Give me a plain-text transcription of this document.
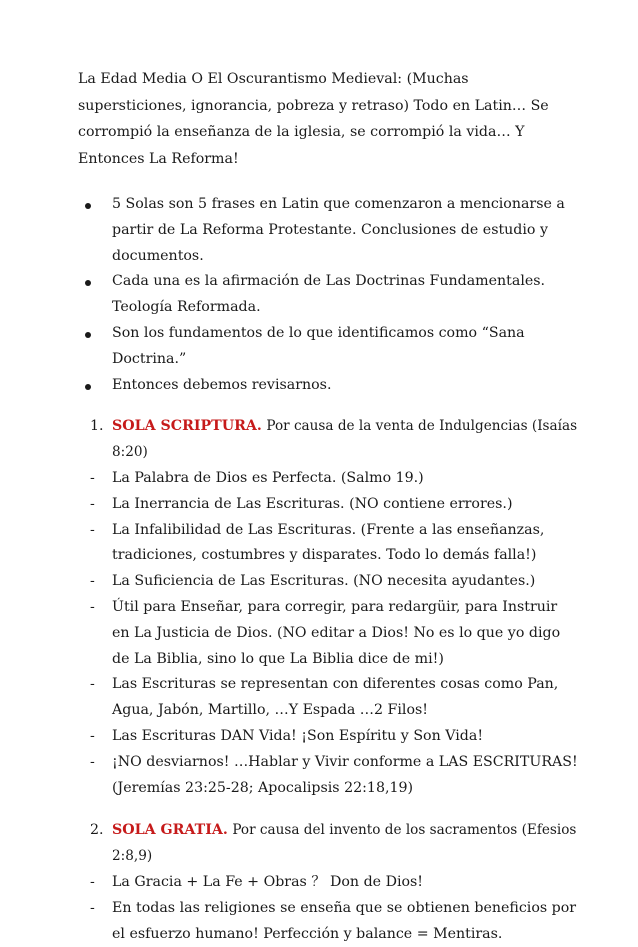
La Edad Media O El Oscurantismo Medieval: (Muchas supersticiones, ignorancia, pobreza y retraso) Todo en Latin… Se corrompió la enseñanza de la iglesia, se corrompió la vida… Y Entonces La Reforma!

5 Solas son 5 frases en Latin que comenzaron a mencionarse a partir de La Reforma Protestante. Conclusiones de estudio y documentos.
Cada una es la afirmación de Las Doctrinas Fundamentales. Teología Reformada.
Son los fundamentos de lo que identificamos como “Sana Doctrina.”
Entonces debemos revisarnos.
1. SOLA SCRIPTURA. Por causa de la venta de Indulgencias (Isaías 8:20)
- La Palabra de Dios es Perfecta. (Salmo 19.)
- La Inerrancia de Las Escrituras. (NO contiene errores.)
- La Infalibilidad de Las Escrituras. (Frente a las enseñanzas, tradiciones, costumbres y disparates. Todo lo demás falla!)
- La Suficiencia de Las Escrituras. (NO necesita ayudantes.)
- Útil para Enseñar, para corregir, para redargüir, para Instruir en La Justicia de Dios. (NO editar a Dios! No es lo que yo digo de La Biblia, sino lo que La Biblia dice de mi!)
- Las Escrituras se representan con diferentes cosas como Pan, Agua, Jabón, Martillo, …Y Espada …2 Filos!
- Las Escrituras DAN Vida! ¡Son Espíritu y Son Vida!
- ¡NO desviarnos! …Hablar y Vivir conforme a LAS ESCRITURAS! (Jeremías 23:25-28; Apocalipsis 22:18,19)
2. SOLA GRATIA. Por causa del invento de los sacramentos (Efesios 2:8,9)
- La Gracia + La Fe + Obras ？ Don de Dios!
- En todas las religiones se enseña que se obtienen beneficios por el esfuerzo humano! Perfección y balance = Mentiras.
